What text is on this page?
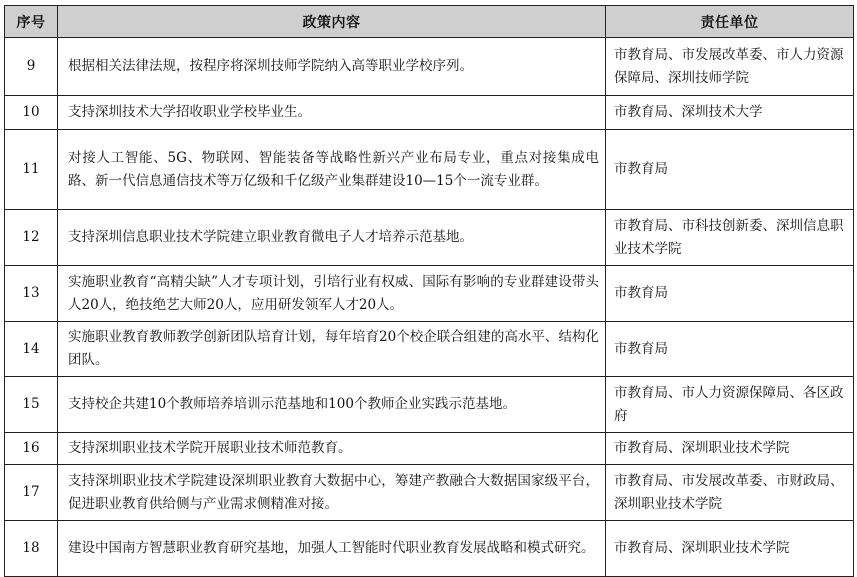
序号	政策内容	责任单位
9	根据相关法律法规，按程序将深圳技师学院纳入高等职业学校序列。	市教育局、市发展改革委、市人力资源保障局、深圳技师学院
10	支持深圳技术大学招收职业学校毕业生。	市教育局、深圳技术大学
11	对接人工智能、5G、物联网、智能装备等战略性新兴产业布局专业，重点对接集成电路、新一代信息通信技术等万亿级和千亿级产业集群建设10—15个一流专业群。	市教育局
12	支持深圳信息职业技术学院建立职业教育微电子人才培养示范基地。	市教育局、市科技创新委、深圳信息职业技术学院
13	实施职业教育“高精尖缺”人才专项计划，引培行业有权威、国际有影响的专业群建设带头人20人，绝技绝艺大师20人，应用研发领军人才20人。	市教育局
14	实施职业教育教师教学创新团队培育计划，每年培育20个校企联合组建的高水平、结构化团队。	市教育局
15	支持校企共建10个教师培养培训示范基地和100个教师企业实践示范基地。	市教育局、市人力资源保障局、各区政府
16	支持深圳职业技术学院开展职业技术师范教育。	市教育局、深圳职业技术学院
17	支持深圳职业技术学院建设深圳职业教育大数据中心，筹建产教融合大数据国家级平台，促进职业教育供给侧与产业需求侧精准对接。	市教育局、市发展改革委、市财政局、深圳职业技术学院
18	建设中国南方智慧职业教育研究基地，加强人工智能时代职业教育发展战略和模式研究。	市教育局、深圳职业技术学院
